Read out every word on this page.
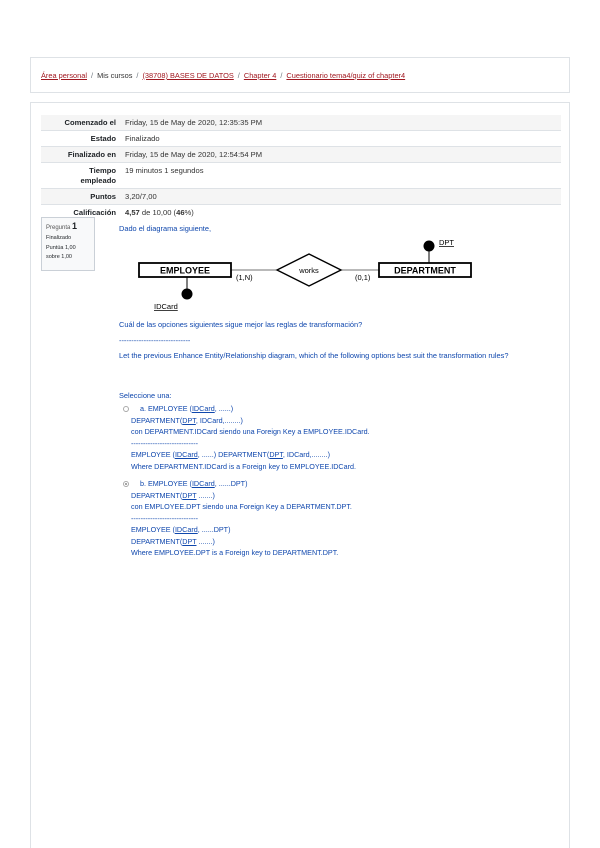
Área personal / Mis cursos / (38708) BASES DE DATOS / Chapter 4 / Cuestionario tema4/quiz of chapter4
Comenzado el	Friday, 15 de May de 2020, 12:35:35 PM
Estado	Finalizado
Finalizado en	Friday, 15 de May de 2020, 12:54:54 PM
Tiempo
empleado	19 minutos 1 segundos
Puntos	3,20/7,00
Calificación	4,57 de 10,00 (46%)
Pregunta 1
Finalizado
Puntúa 1,00
sobre 1,00
Dado el diagrama siguiente,
EMPLOYEE	works	DEPARTMENT
(1,N)	(0,1)
IDCard
DPT
Cuál de las opciones siguientes sigue mejor las reglas de transformación?
-----------------------------
Let the previous Enhance Entity/Relationship diagram, which of the following options best suit the transformation rules?
Seleccione una:
a. EMPLOYEE (IDCard, ......)
DEPARTMENT(DPT, IDCard,........)
con DEPARTMENT.IDCard siendo una Foreign Key a EMPLOYEE.IDCard.
----------------------------
EMPLOYEE (IDCard, ......) DEPARTMENT(DPT, IDCard,........)
Where DEPARTMENT.IDCard is a Foreign key to EMPLOYEE.IDCard.
b. EMPLOYEE (IDCard, ......DPT)
DEPARTMENT(DPT .......)
con EMPLOYEE.DPT siendo una Foreign Key a DEPARTMENT.DPT.
----------------------------
EMPLOYEE (IDCard, ......DPT)
DEPARTMENT(DPT .......)
Where EMPLOYEE.DPT is a Foreign key to DEPARTMENT.DPT.
